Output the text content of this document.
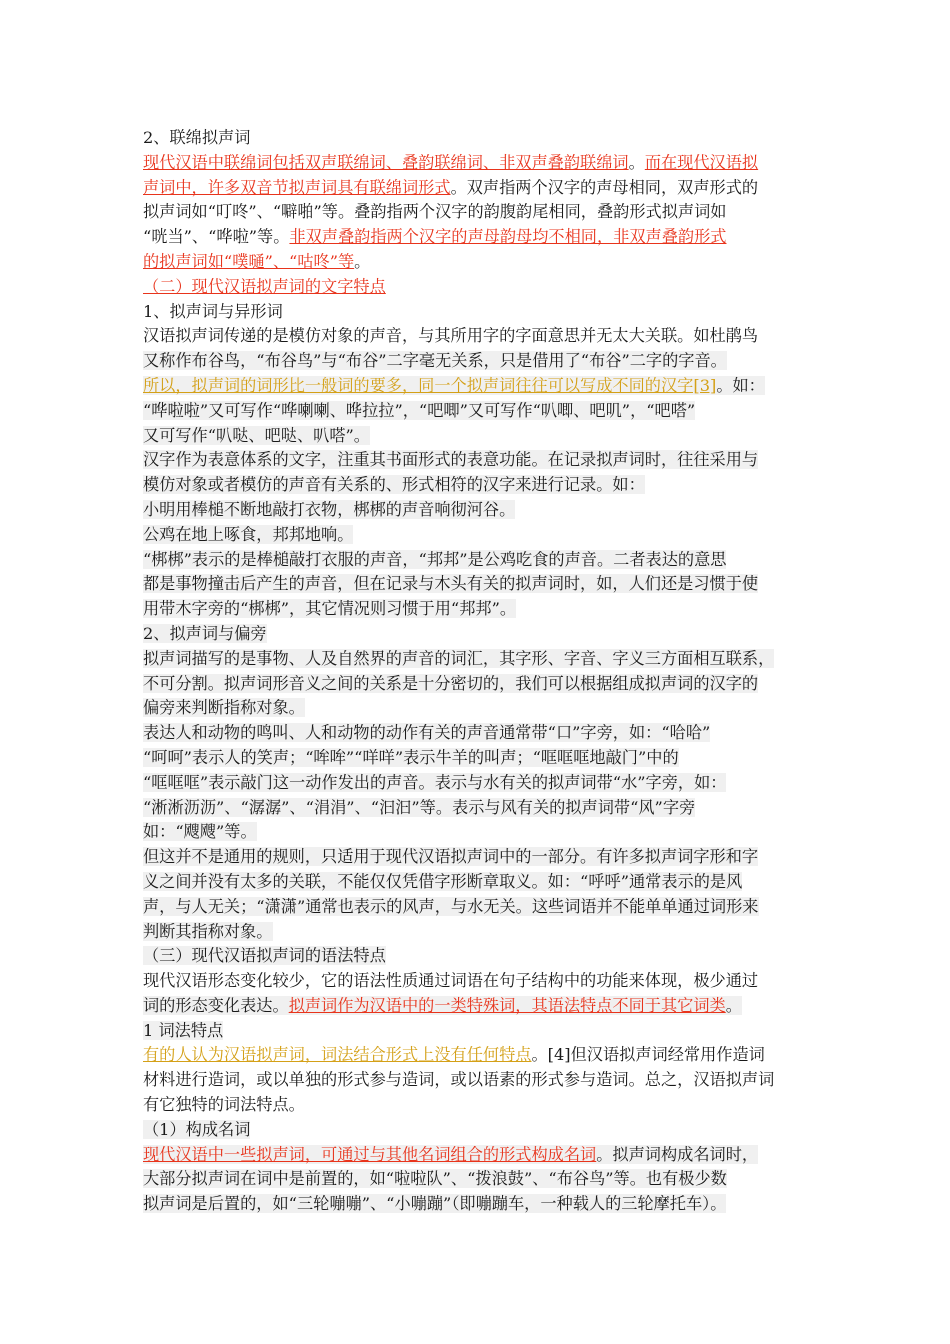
2、联绵拟声词
现代汉语中联绵词包括双声联绵词、叠韵联绵词、非双声叠韵联绵词。而在现代汉语拟
声词中，许多双音节拟声词具有联绵词形式。双声指两个汉字的声母相同，双声形式的
拟声词如“叮咚”、“噼啪”等。叠韵指两个汉字的韵腹韵尾相同，叠韵形式拟声词如
“咣当”、“哗啦”等。非双声叠韵指两个汉字的声母韵母均不相同，非双声叠韵形式
的拟声词如“噗嗵”、“咕咚”等。
（二）现代汉语拟声词的文字特点
1、拟声词与异形词
汉语拟声词传递的是模仿对象的声音，与其所用字的字面意思并无太大关联。如杜鹃鸟
又称作布谷鸟，“布谷鸟”与“布谷”二字毫无关系，只是借用了“布谷”二字的字音。
所以，拟声词的词形比一般词的要多，同一个拟声词往往可以写成不同的汉字[3]。如：
“哗啦啦”又可写作“哗喇喇、哗拉拉”，“吧唧”又可写作“叭唧、吧叽”，“吧嗒”
又可写作“叭哒、吧哒、叭嗒”。
汉字作为表意体系的文字，注重其书面形式的表意功能。在记录拟声词时，往往采用与
模仿对象或者模仿的声音有关系的、形式相符的汉字来进行记录。如：
小明用棒槌不断地敲打衣物，梆梆的声音响彻河谷。
公鸡在地上啄食，邦邦地响。
“梆梆”表示的是棒槌敲打衣服的声音，“邦邦”是公鸡吃食的声音。二者表达的意思
都是事物撞击后产生的声音，但在记录与木头有关的拟声词时，如，人们还是习惯于使
用带木字旁的“梆梆”，其它情况则习惯于用“邦邦”。
2、拟声词与偏旁
拟声词描写的是事物、人及自然界的声音的词汇，其字形、字音、字义三方面相互联系，
不可分割。拟声词形音义之间的关系是十分密切的，我们可以根据组成拟声词的汉字的
偏旁来判断指称对象。
表达人和动物的鸣叫、人和动物的动作有关的声音通常带“口”字旁，如：“哈哈”
“呵呵”表示人的笑声；“哞哞”“咩咩”表示牛羊的叫声；“哐哐哐地敲门”中的
“哐哐哐”表示敲门这一动作发出的声音。表示与水有关的拟声词带“水”字旁，如：
“淅淅沥沥”、“潺潺”、“涓涓”、“汩汩”等。表示与风有关的拟声词带“风”字旁
如：“飕飕”等。
但这并不是通用的规则，只适用于现代汉语拟声词中的一部分。有许多拟声词字形和字
义之间并没有太多的关联，不能仅仅凭借字形断章取义。如：“呼呼”通常表示的是风
声，与人无关；“潇潇”通常也表示的风声，与水无关。这些词语并不能单单通过词形来
判断其指称对象。
（三）现代汉语拟声词的语法特点
现代汉语形态变化较少，它的语法性质通过词语在句子结构中的功能来体现，极少通过
词的形态变化表达。拟声词作为汉语中的一类特殊词，其语法特点不同于其它词类。
1 词法特点
有的人认为汉语拟声词，词法结合形式上没有任何特点。[4]但汉语拟声词经常用作造词
材料进行造词，或以单独的形式参与造词，或以语素的形式参与造词。总之，汉语拟声词
有它独特的词法特点。
（1）构成名词
现代汉语中一些拟声词，可通过与其他名词组合的形式构成名词。拟声词构成名词时，
大部分拟声词在词中是前置的，如“啦啦队”、“拨浪鼓”、“布谷鸟”等。也有极少数
拟声词是后置的，如“三轮嘣嘣”、“小嘣蹦”（即嘣蹦车，一种载人的三轮摩托车）。
